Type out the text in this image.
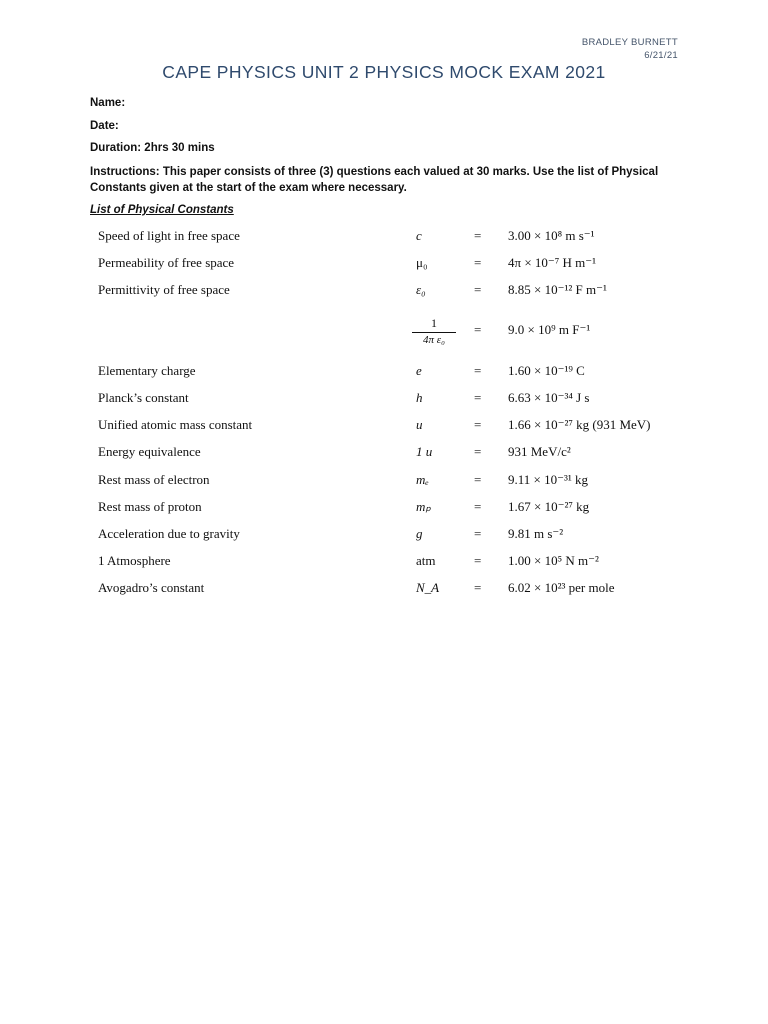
BRADLEY BURNETT
6/21/21
CAPE PHYSICS UNIT 2 PHYSICS MOCK EXAM 2021
Name:
Date:
Duration: 2hrs 30 mins
Instructions: This paper consists of three (3) questions each valued at 30 marks. Use the list of Physical Constants given at the start of the exam where necessary.
List of Physical Constants
Speed of light in free space	c	= 3.00 × 10⁸ m s⁻¹
Permeability of free space	μ₀	= 4π × 10⁻⁷ H m⁻¹
Permittivity of free space	ε₀	= 8.85 × 10⁻¹² F m⁻¹
$\frac{1}{\text{4π ε₀}} = 9.0 \times 10^9$ m F⁻¹
Elementary charge	e	= 1.60 × 10⁻¹⁹ C
Planck’s constant	h	= 6.63 × 10⁻³⁴ J s
Unified atomic mass constant	u	= 1.66 × 10⁻²⁷ kg (931 MeV)
Energy equivalence	1 u	= 931 MeV/c²
Rest mass of electron	mₑ	= 9.11 × 10⁻³¹ kg
Rest mass of proton	mₚ	= 1.67 × 10⁻²⁷ kg
Acceleration due to gravity	g	= 9.81 m s⁻²
1 Atmosphere	atm	= 1.00 × 10⁵ N m⁻²
Avogadro’s constant	N_A	= 6.02 × 10²³ per mole
